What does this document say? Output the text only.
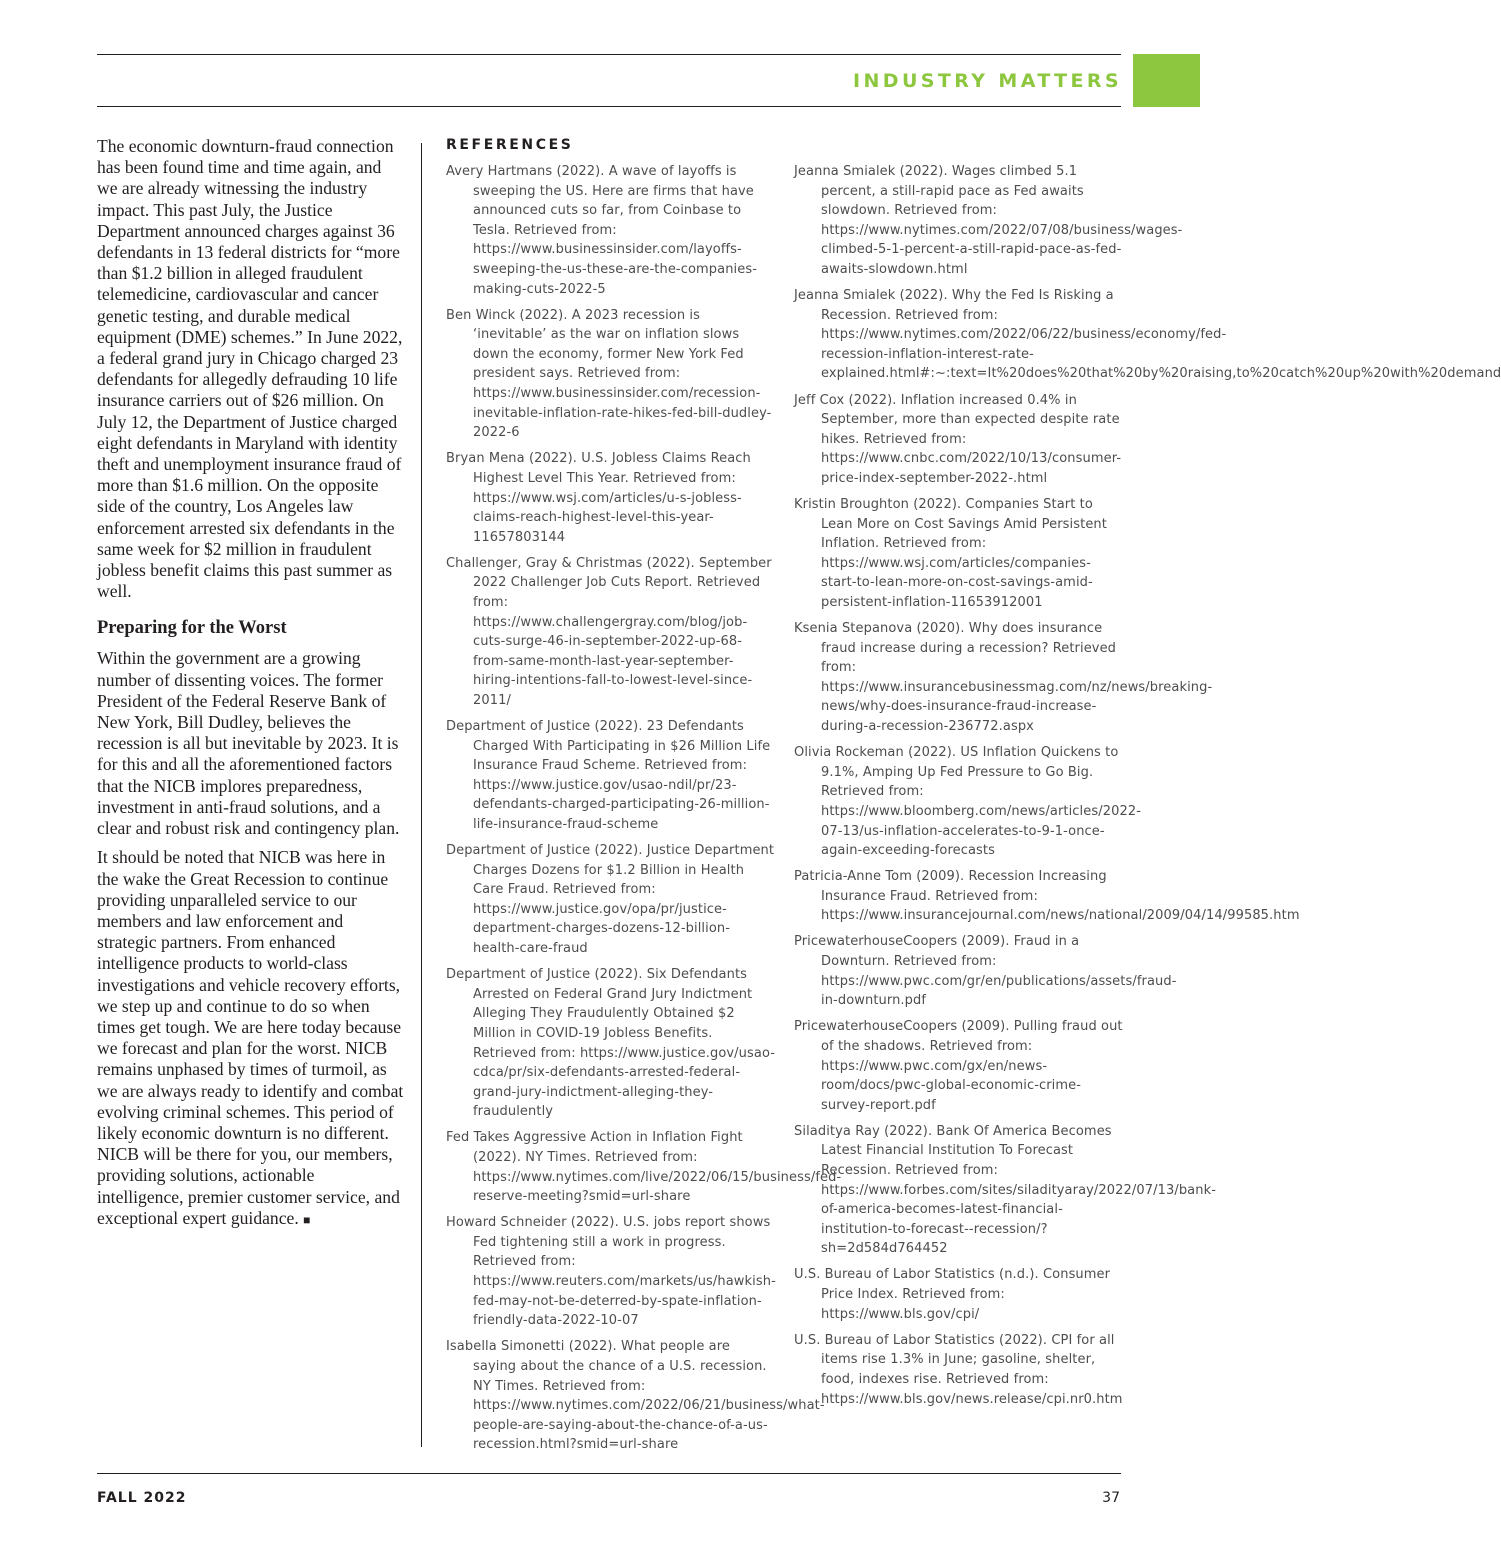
INDUSTRY MATTERS

The economic downturn-fraud connection has been found time and time again, and we are already witnessing the industry impact. This past July, the Justice Department announced charges against 36 defendants in 13 federal districts for “more than $1.2 billion in alleged fraudulent telemedicine, cardiovascular and cancer genetic testing, and durable medical equipment (DME) schemes.” In June 2022, a federal grand jury in Chicago charged 23 defendants for allegedly defrauding 10 life insurance carriers out of $26 million. On July 12, the Department of Justice charged eight defendants in Maryland with identity theft and unemployment insurance fraud of more than $1.6 million. On the opposite side of the country, Los Angeles law enforcement arrested six defendants in the same week for $2 million in fraudulent jobless benefit claims this past summer as well.

Preparing for the Worst

Within the government are a growing number of dissenting voices. The former President of the Federal Reserve Bank of New York, Bill Dudley, believes the recession is all but inevitable by 2023. It is for this and all the aforementioned factors that the NICB implores preparedness, investment in anti-fraud solutions, and a clear and robust risk and contingency plan.

It should be noted that NICB was here in the wake the Great Recession to continue providing unparalleled service to our members and law enforcement and strategic partners. From enhanced intelligence products to world-class investigations and vehicle recovery efforts, we step up and continue to do so when times get tough. We are here today because we forecast and plan for the worst. NICB remains unphased by times of turmoil, as we are always ready to identify and combat evolving criminal schemes. This period of likely economic downturn is no different. NICB will be there for you, our members, providing solutions, actionable intelligence, premier customer service, and exceptional expert guidance. ■

REFERENCES

Avery Hartmans (2022). A wave of layoffs is sweeping the US. Here are firms that have announced cuts so far, from Coinbase to Tesla. Retrieved from: https://www.businessinsider.com/layoffs-sweeping-the-us-these-are-the-companies-making-cuts-2022-5

Ben Winck (2022). A 2023 recession is ‘inevitable’ as the war on inflation slows down the economy, former New York Fed president says. Retrieved from: https://www.businessinsider.com/recession-inevitable-inflation-rate-hikes-fed-bill-dudley-2022-6

Bryan Mena (2022). U.S. Jobless Claims Reach Highest Level This Year. Retrieved from: https://www.wsj.com/articles/u-s-jobless-claims-reach-highest-level-this-year-11657803144

Challenger, Gray & Christmas (2022). September 2022 Challenger Job Cuts Report. Retrieved from: https://www.challengergray.com/blog/job-cuts-surge-46-in-september-2022-up-68-from-same-month-last-year-september-hiring-intentions-fall-to-lowest-level-since-2011/

Department of Justice (2022). 23 Defendants Charged With Participating in $26 Million Life Insurance Fraud Scheme. Retrieved from: https://www.justice.gov/usao-ndil/pr/23-defendants-charged-participating-26-million-life-insurance-fraud-scheme

Department of Justice (2022). Justice Department Charges Dozens for $1.2 Billion in Health Care Fraud. Retrieved from: https://www.justice.gov/opa/pr/justice-department-charges-dozens-12-billion-health-care-fraud

Department of Justice (2022). Six Defendants Arrested on Federal Grand Jury Indictment Alleging They Fraudulently Obtained $2 Million in COVID-19 Jobless Benefits. Retrieved from: https://www.justice.gov/usao-cdca/pr/six-defendants-arrested-federal-grand-jury-indictment-alleging-they-fraudulently

Fed Takes Aggressive Action in Inflation Fight (2022). NY Times. Retrieved from: https://www.nytimes.com/live/2022/06/15/business/fed-reserve-meeting?smid=url-share

Howard Schneider (2022). U.S. jobs report shows Fed tightening still a work in progress. Retrieved from: https://www.reuters.com/markets/us/hawkish-fed-may-not-be-deterred-by-spate-inflation-friendly-data-2022-10-07

Isabella Simonetti (2022). What people are saying about the chance of a U.S. recession. NY Times. Retrieved from: https://www.nytimes.com/2022/06/21/business/what-people-are-saying-about-the-chance-of-a-us-recession.html?smid=url-share

Jeanna Smialek (2022). Wages climbed 5.1 percent, a still-rapid pace as Fed awaits slowdown. Retrieved from: https://www.nytimes.com/2022/07/08/business/wages-climbed-5-1-percent-a-still-rapid-pace-as-fed-awaits-slowdown.html

Jeanna Smialek (2022). Why the Fed Is Risking a Recession. Retrieved from: https://www.nytimes.com/2022/06/22/business/economy/fed-recession-inflation-interest-rate-explained.html#:~:text=It%20does%20that%20by%20raising,to%20catch%20up%20with%20demand

Jeff Cox (2022). Inflation increased 0.4% in September, more than expected despite rate hikes. Retrieved from: https://www.cnbc.com/2022/10/13/consumer-price-index-september-2022-.html

Kristin Broughton (2022). Companies Start to Lean More on Cost Savings Amid Persistent Inflation. Retrieved from: https://www.wsj.com/articles/companies-start-to-lean-more-on-cost-savings-amid-persistent-inflation-11653912001

Ksenia Stepanova (2020). Why does insurance fraud increase during a recession? Retrieved from: https://www.insurancebusinessmag.com/nz/news/breaking-news/why-does-insurance-fraud-increase-during-a-recession-236772.aspx

Olivia Rockeman (2022). US Inflation Quickens to 9.1%, Amping Up Fed Pressure to Go Big. Retrieved from: https://www.bloomberg.com/news/articles/2022-07-13/us-inflation-accelerates-to-9-1-once-again-exceeding-forecasts

Patricia-Anne Tom (2009). Recession Increasing Insurance Fraud. Retrieved from: https://www.insurancejournal.com/news/national/2009/04/14/99585.htm

PricewaterhouseCoopers (2009). Fraud in a Downturn. Retrieved from: https://www.pwc.com/gr/en/publications/assets/fraud-in-downturn.pdf

PricewaterhouseCoopers (2009). Pulling fraud out of the shadows. Retrieved from: https://www.pwc.com/gx/en/news-room/docs/pwc-global-economic-crime-survey-report.pdf

Siladitya Ray (2022). Bank Of America Becomes Latest Financial Institution To Forecast Recession. Retrieved from: https://www.forbes.com/sites/siladityaray/2022/07/13/bank-of-america-becomes-latest-financial-institution-to-forecast--recession/?sh=2d584d764452

U.S. Bureau of Labor Statistics (n.d.). Consumer Price Index. Retrieved from: https://www.bls.gov/cpi/

U.S. Bureau of Labor Statistics (2022). CPI for all items rise 1.3% in June; gasoline, shelter, food, indexes rise. Retrieved from: https://www.bls.gov/news.release/cpi.nr0.htm

FALL 2022	37
